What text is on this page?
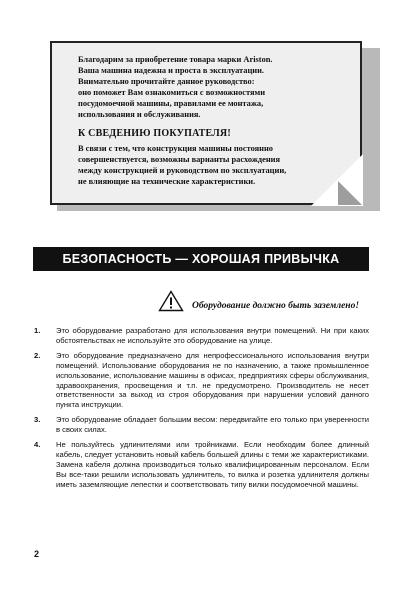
Благодарим за приобретение товара марки Ariston.

Ваша машина надежна и проста в эксплуатации.

Внимательно прочитайте данное руководство:

оно поможет Вам ознакомиться с возможностями

посудомоечной машины, правилами ее монтажа,

использования и обслуживания.

К СВЕДЕНИЮ ПОКУПАТЕЛЯ!

В связи с тем, что конструкция машины постоянно

совершенствуется, возможны варианты расхождения

между конструкцией и руководством по эксплуатации,

не влияющие на технические характеристики.

БЕЗОПАСНОСТЬ — ХОРОШАЯ ПРИВЫЧКА
Оборудование должно быть заземлено!
1.	Это оборудование разработано для использования внутри помещений. Ни при каких обстоятельствах не используйте это оборудование на улице.
2.	Это оборудование предназначено для непрофессионального использования внутри помещений. Использование оборудования не по назначению, а также промышленное использование, использование машины в офисах, предприятиях сферы обслуживания, здравоохранения, просвещения и т.п. не предусмотрено. Производитель не несет ответственности за выход из строя оборудования при нарушении условий данного пункта инструкции.
3.	Это оборудование обладает большим весом: передвигайте его только при уверенности в своих силах.
4.	Не пользуйтесь удлинителями или тройниками. Если необходим более длинный кабель, следует установить новый кабель большей длины с теми же характеристиками. Замена кабеля должна производиться только квалифицированным персоналом. Если Вы все-таки решили использовать удлинитель, то вилка и розетка удлинителя должны иметь заземляющие лепестки и соответствовать типу вилки посудомоечной машины.
2
